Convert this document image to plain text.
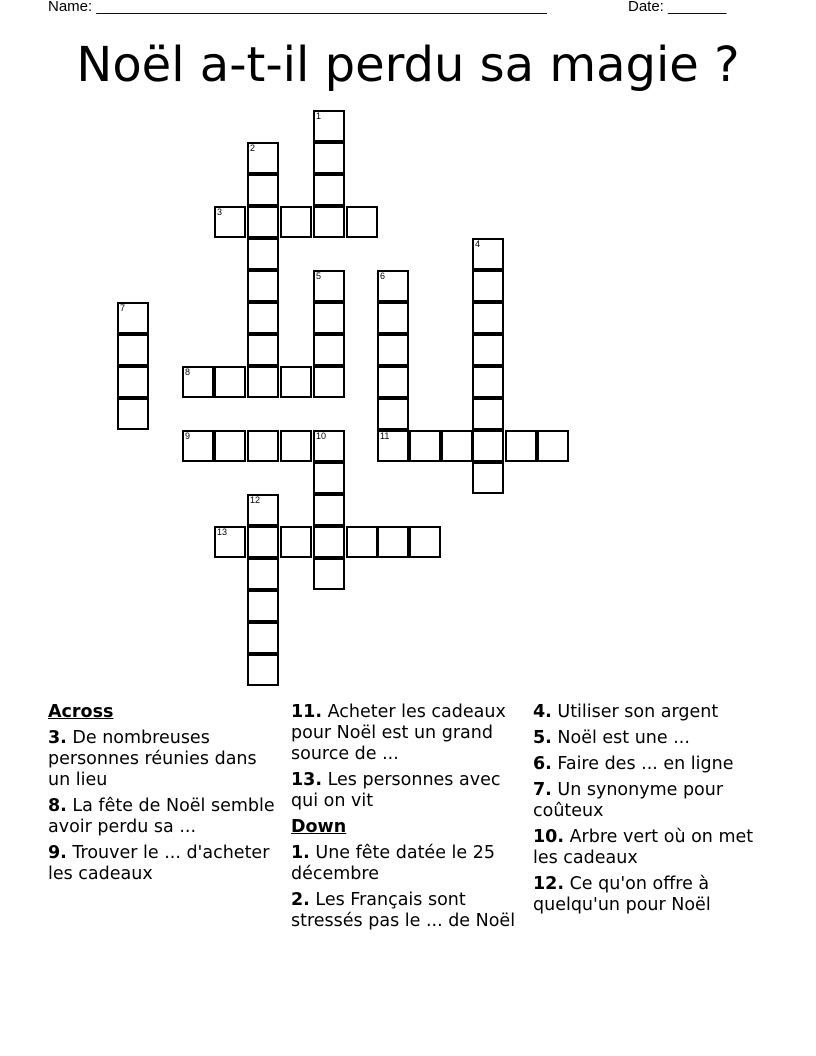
Name: ______________________________________________________	Date: _______
Noël a-t-il perdu sa magie ?
1
2
3
4
5	6
7
8
9	10	11
12
13
Across
3. De nombreuses personnes réunies dans un lieu
8. La fête de Noël semble avoir perdu sa ...
9. Trouver le ... d'acheter les cadeaux
11. Acheter les cadeaux pour Noël est un grand source de ...
13. Les personnes avec qui on vit
Down
1. Une fête datée le 25 décembre
2. Les Français sont stressés pas le ... de Noël
4. Utiliser son argent
5. Noël est une ...
6. Faire des ... en ligne
7. Un synonyme pour coûteux
10. Arbre vert où on met les cadeaux
12. Ce qu'on offre à quelqu'un pour Noël
